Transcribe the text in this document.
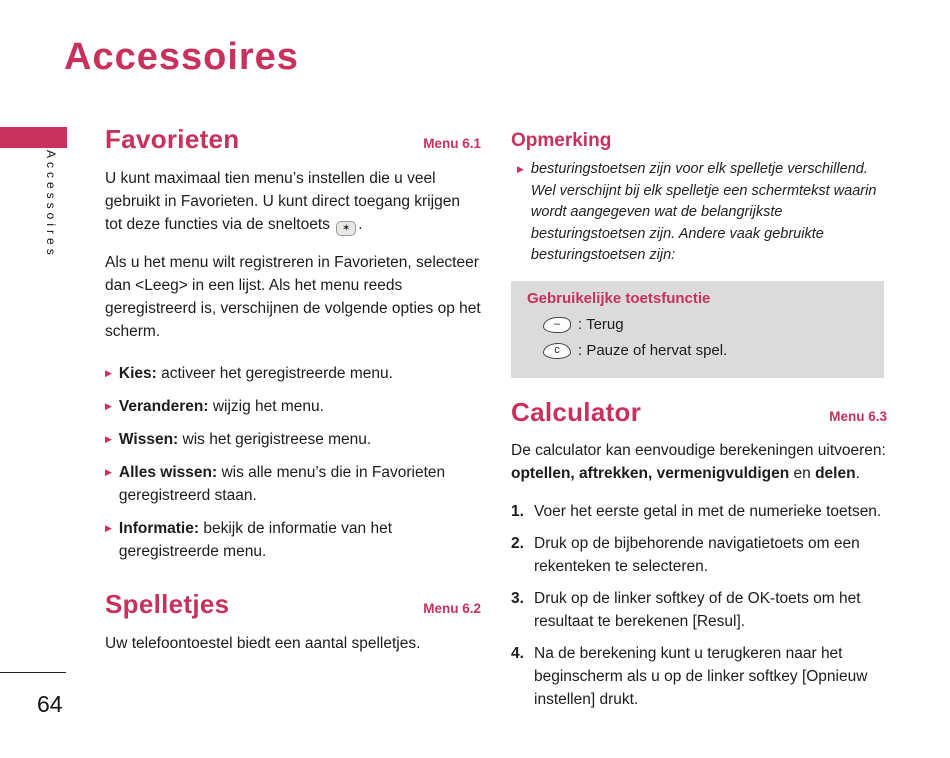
Accessoires
Accessoires
64
Favorieten	Menu 6.1

U kunt maximaal tien menu’s instellen die u veel gebruikt in Favorieten. U kunt direct toegang krijgen tot deze functies via de sneltoets ✶ .

Als u het menu wilt registreren in Favorieten, selecteer dan <Leeg> in een lijst. Als het menu reeds geregistreerd is, verschijnen de volgende opties op het scherm.

▶ Kies: activeer het geregistreerde menu.
▶ Veranderen: wijzig het menu.
▶ Wissen: wis het gerigistreese menu.
▶ Alles wissen: wis alle menu’s die in Favorieten geregistreerd staan.
▶ Informatie: bekijk de informatie van het geregistreerde menu.
Spelletjes	Menu 6.2

Uw telefoontoestel biedt een aantal spelletjes.

Opmerking
▶ besturingstoetsen zijn voor elk spelletje verschillend. Wel verschijnt bij elk spelletje een schermtekst waarin wordt aangegeven wat de belangrijkste besturingstoetsen zijn. Andere vaak gebruikte besturingstoetsen zijn:
Gebruikelijke toetsfunctie
–	: Terug
c	: Pauze of hervat spel.
Calculator	Menu 6.3

De calculator kan eenvoudige berekeningen uitvoeren: optellen, aftrekken, vermenigvuldigen en delen.

1. Voer het eerste getal in met de numerieke toetsen.
2. Druk op de bijbehorende navigatietoets om een rekenteken te selecteren.
3. Druk op de linker softkey of de OK-toets om het resultaat te berekenen [Resul].
4. Na de berekening kunt u terugkeren naar het beginscherm als u op de linker softkey [Opnieuw instellen] drukt.
